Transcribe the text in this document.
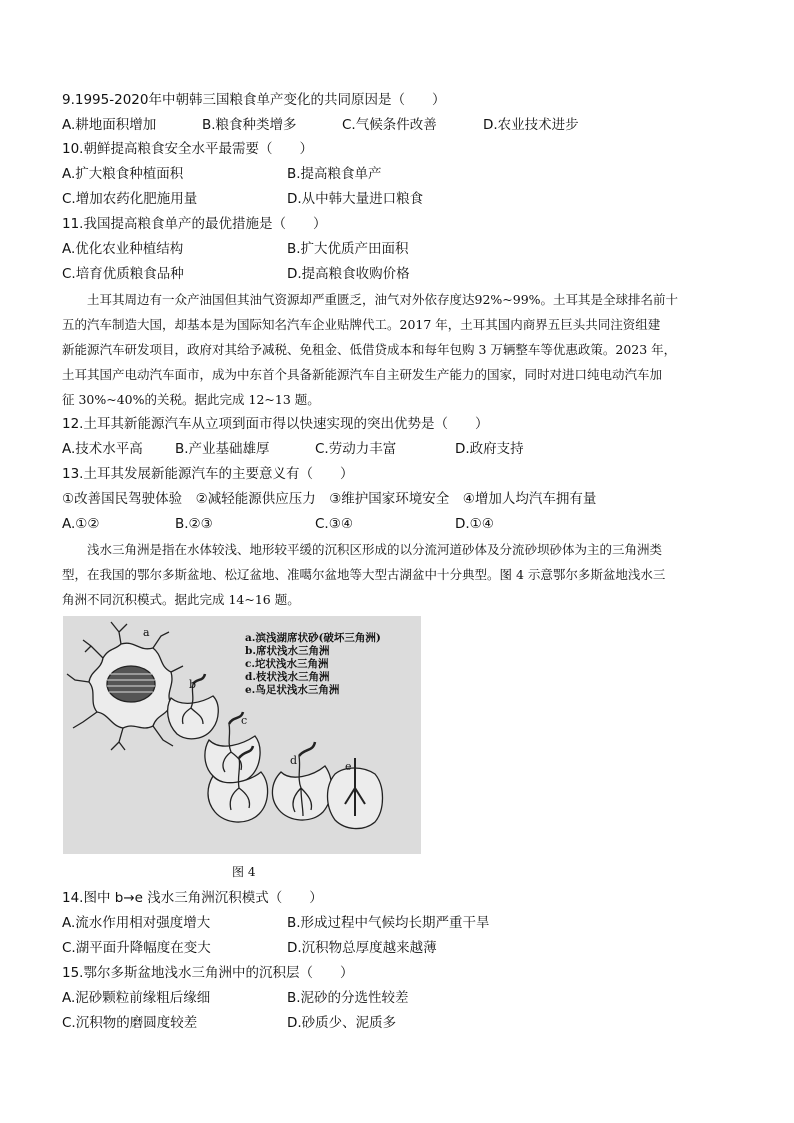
9.1995-2020年中朝韩三国粮食单产变化的共同原因是（　　）
A.耕地面积增加	B.粮食种类增多	C.气候条件改善	D.农业技术进步
10.朝鲜提高粮食安全水平最需要（　　）
A.扩大粮食种植面积	B.提高粮食单产
C.增加农药化肥施用量	D.从中韩大量进口粮食
11.我国提高粮食单产的最优措施是（　　）
A.优化农业种植结构	B.扩大优质产田面积
C.培育优质粮食品种	D.提高粮食收购价格
　　土耳其周边有一众产油国但其油气资源却严重匮乏，油气对外依存度达92%~99%。土耳其是全球排名前十
五的汽车制造大国，却基本是为国际知名汽车企业贴牌代工。2017 年，土耳其国内商界五巨头共同注资组建
新能源汽车研发项目，政府对其给予减税、免租金、低借贷成本和每年包购 3 万辆整车等优惠政策。2023 年，
土耳其国产电动汽车面市，成为中东首个具备新能源汽车自主研发生产能力的国家，同时对进口纯电动汽车加
征 30%~40%的关税。据此完成 12~13 题。
12.土耳其新能源汽车从立项到面市得以快速实现的突出优势是（　　）
A.技术水平高 B.产业基础雄厚	C.劳动力丰富	D.政府支持
13.土耳其发展新能源汽车的主要意义有（　　）
①改善国民驾驶体验　②减轻能源供应压力　③维护国家环境安全　④增加人均汽车拥有量
A.①②	B.②③	C.③④	D.①④
　　浅水三角洲是指在水体较浅、地形较平缓的沉积区形成的以分流河道砂体及分流砂坝砂体为主的三角洲类
型，在我国的鄂尔多斯盆地、松辽盆地、准噶尔盆地等大型古湖盆中十分典型。图 4 示意鄂尔多斯盆地浅水三
角洲不同沉积模式。据此完成 14~16 题。
a
b
c
d	e
a.滨浅湖席状砂(破坏三角洲)
b.席状浅水三角洲
c.坨状浅水三角洲
d.枝状浅水三角洲
e.鸟足状浅水三角洲
图 4
14.图中 b→e 浅水三角洲沉积模式（　　）
A.流水作用相对强度增大	B.形成过程中气候均长期严重干旱
C.湖平面升降幅度在变大	D.沉积物总厚度越来越薄
15.鄂尔多斯盆地浅水三角洲中的沉积层（　　）
A.泥砂颗粒前缘粗后缘细	B.泥砂的分选性较差
C.沉积物的磨圆度较差	D.砂质少、泥质多
